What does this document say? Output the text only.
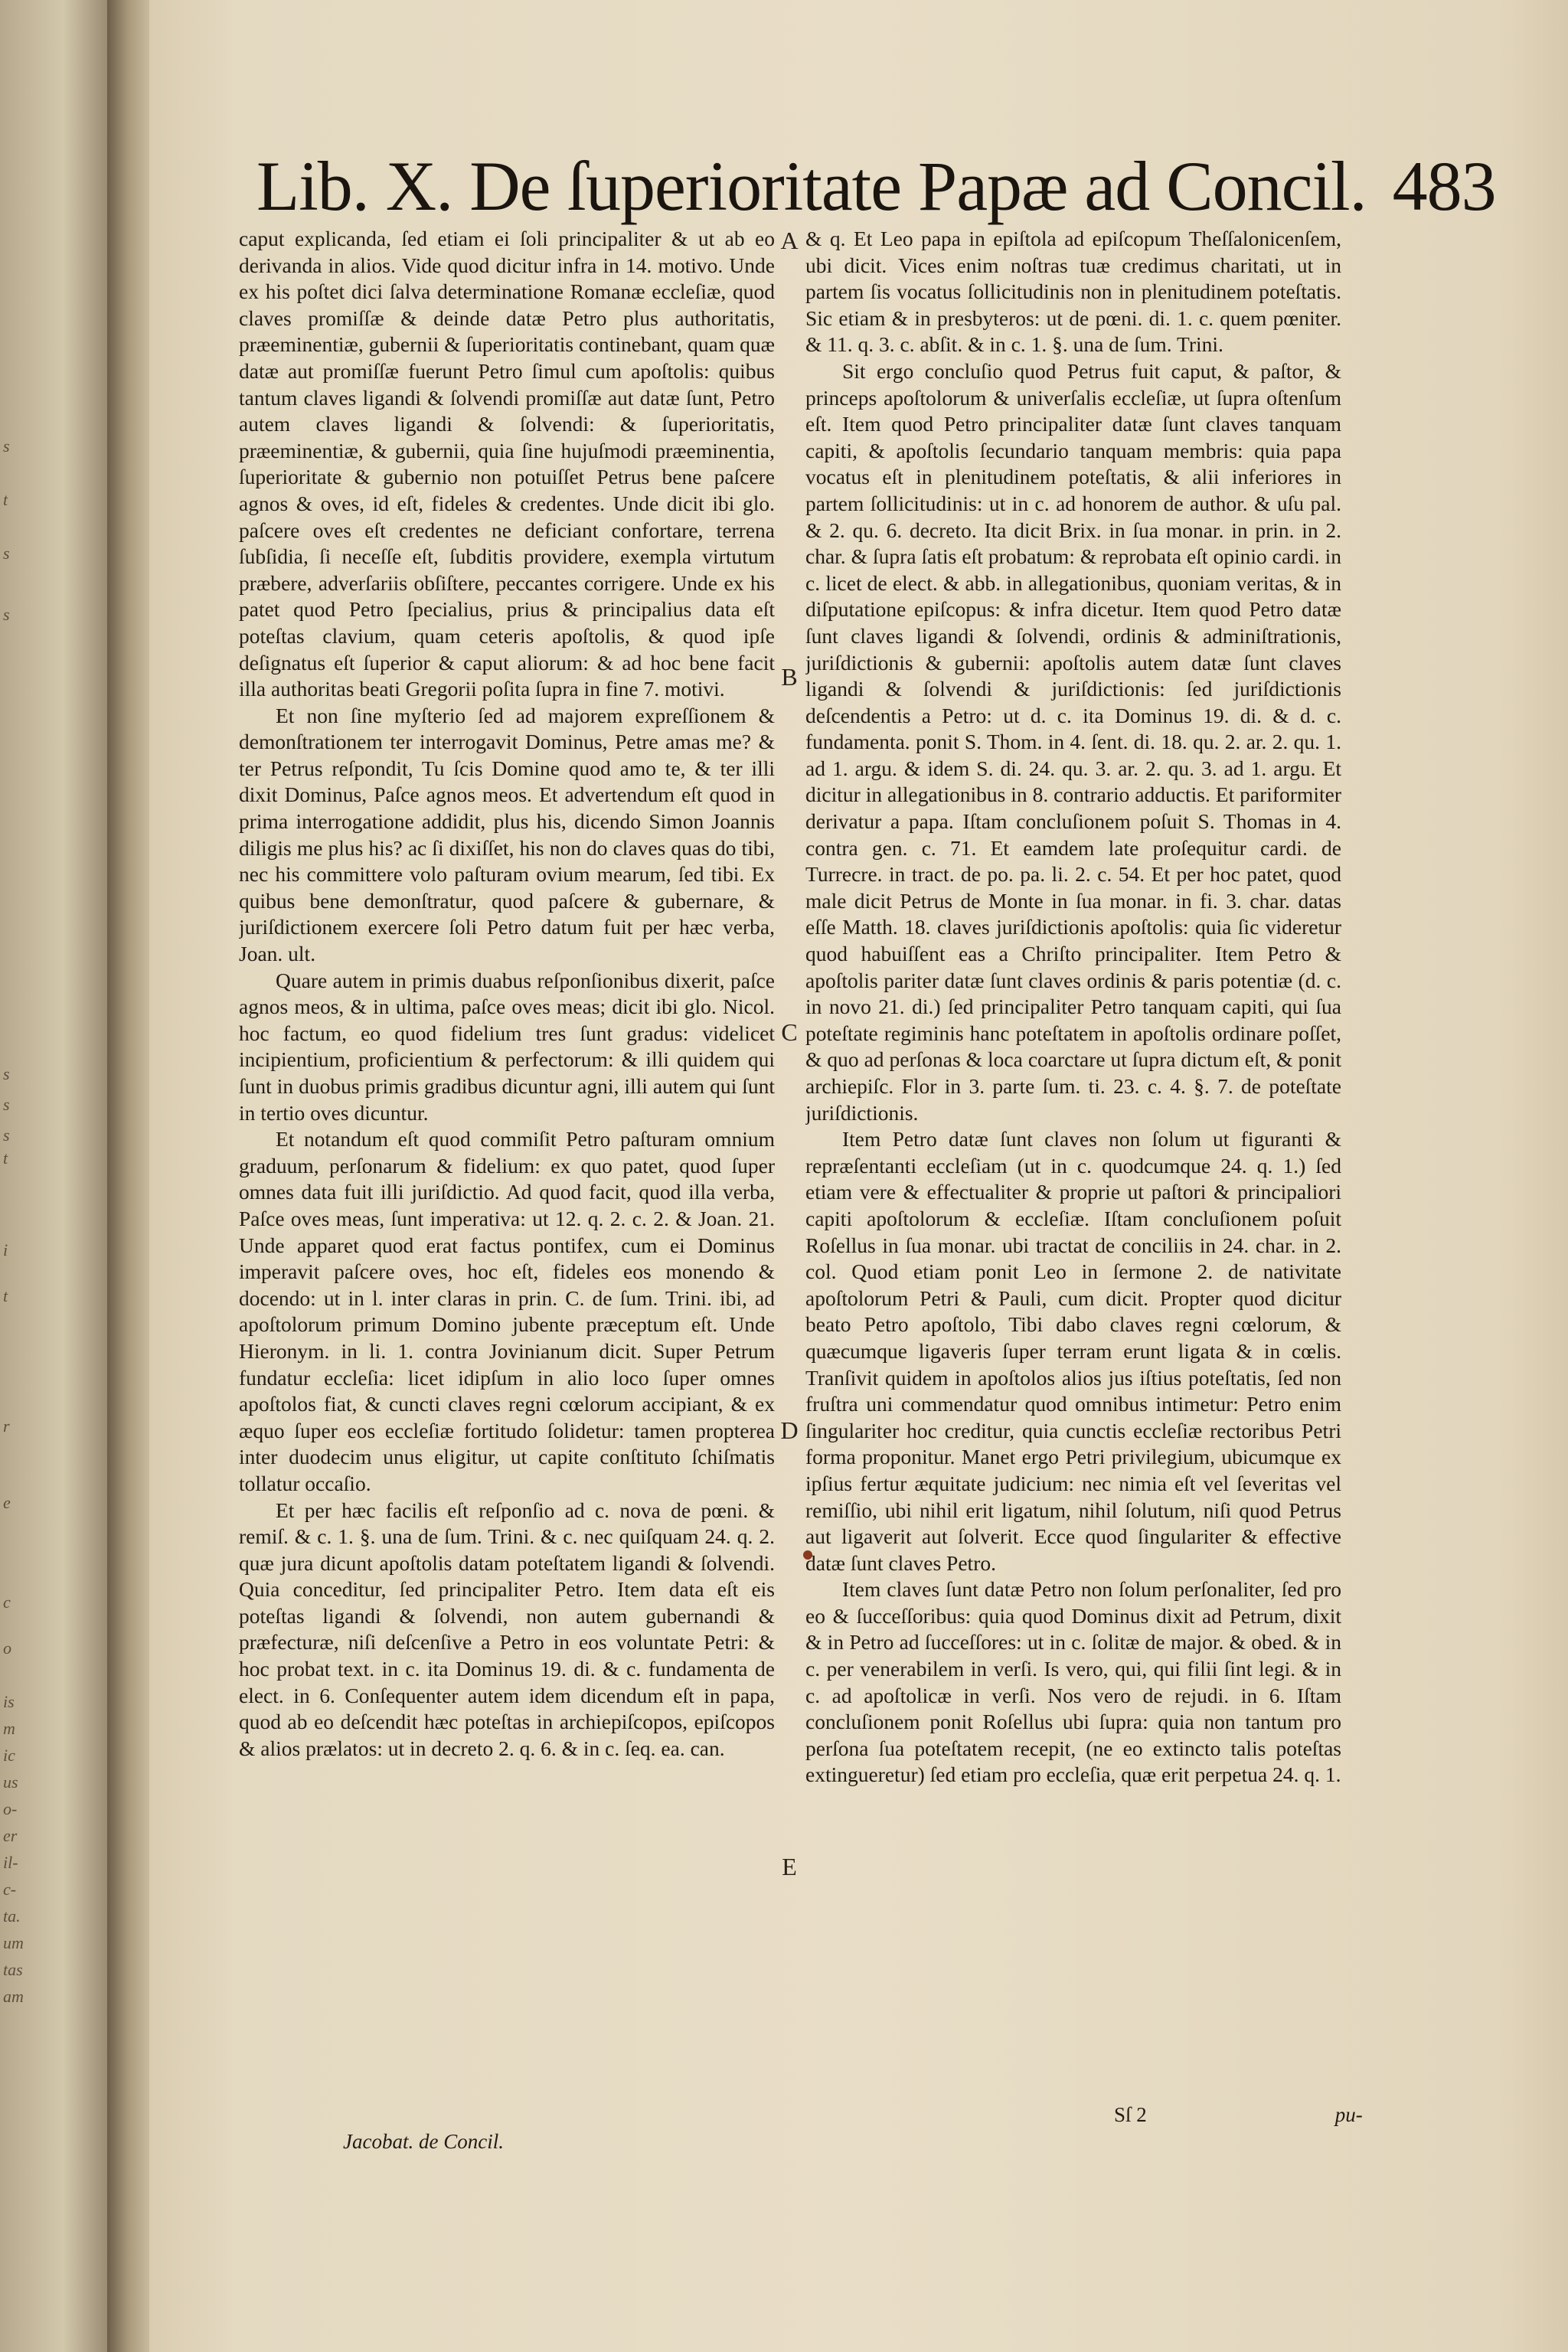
s
t
s
s
s
s
s
t
i
t
r
e
c
o
is
m
ic
us
o-
er
il-
c-
ta.
um
tas
am
Lib. X. De ſuperioritate Papæ ad Concil. 483

caput explicanda, ſed etiam ei ſoli principaliter & ut ab eo derivanda in alios. Vide quod dicitur infra in 14. motivo. Unde ex his poſtet dici ſalva determinatione Romanæ eccleſiæ, quod claves promiſſæ & deinde datæ Petro plus authoritatis, præeminentiæ, gubernii & ſuperioritatis continebant, quam quæ datæ aut promiſſæ fuerunt Petro ſimul cum apoſtolis: quibus tantum claves ligandi & ſolvendi promiſſæ aut datæ ſunt, Petro autem claves ligandi & ſolvendi: & ſuperioritatis, præeminentiæ, & gubernii, quia ſine hujuſmodi præeminentia, ſuperioritate & gubernio non potuiſſet Petrus bene paſcere agnos & oves, id eſt, fideles & credentes. Unde dicit ibi glo. paſcere oves eſt credentes ne deficiant confortare, terrena ſubſidia, ſi neceſſe eſt, ſubditis providere, exempla virtutum præbere, adverſariis obſiſtere, peccantes corrigere. Unde ex his patet quod Petro ſpecialius, prius & principalius data eſt poteſtas clavium, quam ceteris apoſtolis, & quod ipſe deſignatus eſt ſuperior & caput aliorum: & ad hoc bene facit illa authoritas beati Gregorii poſita ſupra in fine 7. motivi.

Et non ſine myſterio ſed ad majorem expreſſionem & demonſtrationem ter interrogavit Dominus, Petre amas me? & ter Petrus reſpondit, Tu ſcis Domine quod amo te, & ter illi dixit Dominus, Paſce agnos meos. Et advertendum eſt quod in prima interrogatione addidit, plus his, dicendo Simon Joannis diligis me plus his? ac ſi dixiſſet, his non do claves quas do tibi, nec his committere volo paſturam ovium mearum, ſed tibi. Ex quibus bene demonſtratur, quod paſcere & gubernare, & juriſdictionem exercere ſoli Petro datum fuit per hæc verba, Joan. ult.

Quare autem in primis duabus reſponſionibus dixerit, paſce agnos meos, & in ultima, paſce oves meas; dicit ibi glo. Nicol. hoc factum, eo quod fidelium tres ſunt gradus: videlicet incipientium, proficientium & perfectorum: & illi quidem qui ſunt in duobus primis gradibus dicuntur agni, illi autem qui ſunt in tertio oves dicuntur.

Et notandum eſt quod commiſit Petro paſturam omnium graduum, perſonarum & fidelium: ex quo patet, quod ſuper omnes data fuit illi juriſdictio. Ad quod facit, quod illa verba, Paſce oves meas, ſunt imperativa: ut 12. q. 2. c. 2. & Joan. 21. Unde apparet quod erat factus pontifex, cum ei Dominus imperavit paſcere oves, hoc eſt, fideles eos monendo & docendo: ut in l. inter claras in prin. C. de ſum. Trini. ibi, ad apoſtolorum primum Domino jubente præceptum eſt. Unde Hieronym. in li. 1. contra Jovinianum dicit. Super Petrum fundatur eccleſia: licet idipſum in alio loco ſuper omnes apoſtolos fiat, & cuncti claves regni cœlorum accipiant, & ex æquo ſuper eos eccleſiæ fortitudo ſolidetur: tamen propterea inter duodecim unus eligitur, ut capite conſtituto ſchiſmatis tollatur occaſio.

Et per hæc facilis eſt reſponſio ad c. nova de pœni. & remiſ. & c. 1. §. una de ſum. Trini. & c. nec quiſquam 24. q. 2. quæ jura dicunt apoſtolis datam poteſtatem ligandi & ſolvendi. Quia conceditur, ſed principaliter Petro. Item data eſt eis poteſtas ligandi & ſolvendi, non autem gubernandi & præfecturæ, niſi deſcenſive a Petro in eos voluntate Petri: & hoc probat text. in c. ita Dominus 19. di. & c. fundamenta de elect. in 6. Conſequenter autem idem dicendum eſt in papa, quod ab eo deſcendit hæc poteſtas in archiepiſcopos, epiſcopos & alios prælatos: ut in decreto 2. q. 6. & in c. ſeq. ea. can.

Jacobat. de Concil.
A
B
C
D
E

& q. Et Leo papa in epiſtola ad epiſcopum Theſſalonicenſem, ubi dicit. Vices enim noſtras tuæ credimus charitati, ut in partem ſis vocatus ſollicitudinis non in plenitudinem poteſtatis. Sic etiam & in presbyteros: ut de pœni. di. 1. c. quem pœniter. & 11. q. 3. c. abſit. & in c. 1. §. una de ſum. Trini.

Sit ergo concluſio quod Petrus fuit caput, & paſtor, & princeps apoſtolorum & univerſalis eccleſiæ, ut ſupra oſtenſum eſt. Item quod Petro principaliter datæ ſunt claves tanquam capiti, & apoſtolis ſecundario tanquam membris: quia papa vocatus eſt in plenitudinem poteſtatis, & alii inferiores in partem ſollicitudinis: ut in c. ad honorem de author. & uſu pal. & 2. qu. 6. decreto. Ita dicit Brix. in ſua monar. in prin. in 2. char. & ſupra ſatis eſt probatum: & reprobata eſt opinio cardi. in c. licet de elect. & abb. in allegationibus, quoniam veritas, & in diſputatione epiſcopus: & infra dicetur. Item quod Petro datæ ſunt claves ligandi & ſolvendi, ordinis & adminiſtrationis, juriſdictionis & gubernii: apoſtolis autem datæ ſunt claves ligandi & ſolvendi & juriſdictionis: ſed juriſdictionis deſcendentis a Petro: ut d. c. ita Dominus 19. di. & d. c. fundamenta. ponit S. Thom. in 4. ſent. di. 18. qu. 2. ar. 2. qu. 1. ad 1. argu. & idem S. di. 24. qu. 3. ar. 2. qu. 3. ad 1. argu. Et dicitur in allegationibus in 8. contrario adductis. Et pariformiter derivatur a papa. Iſtam concluſionem poſuit S. Thomas in 4. contra gen. c. 71. Et eamdem late proſequitur cardi. de Turrecre. in tract. de po. pa. li. 2. c. 54. Et per hoc patet, quod male dicit Petrus de Monte in ſua monar. in fi. 3. char. datas eſſe Matth. 18. claves juriſdictionis apoſtolis: quia ſic videretur quod habuiſſent eas a Chriſto principaliter. Item Petro & apoſtolis pariter datæ ſunt claves ordinis & paris potentiæ (d. c. in novo 21. di.) ſed principaliter Petro tanquam capiti, qui ſua poteſtate regiminis hanc poteſtatem in apoſtolis ordinare poſſet, & quo ad perſonas & loca coarctare ut ſupra dictum eſt, & ponit archiepiſc. Flor in 3. parte ſum. ti. 23. c. 4. §. 7. de poteſtate juriſdictionis.

Item Petro datæ ſunt claves non ſolum ut figuranti & repræſentanti eccleſiam (ut in c. quodcumque 24. q. 1.) ſed etiam vere & effectualiter & proprie ut paſtori & principaliori capiti apoſtolorum & eccleſiæ. Iſtam concluſionem poſuit Roſellus in ſua monar. ubi tractat de conciliis in 24. char. in 2. col. Quod etiam ponit Leo in ſermone 2. de nativitate apoſtolorum Petri & Pauli, cum dicit. Propter quod dicitur beato Petro apoſtolo, Tibi dabo claves regni cœlorum, & quæcumque ligaveris ſuper terram erunt ligata & in cœlis. Tranſivit quidem in apoſtolos alios jus iſtius poteſtatis, ſed non fruſtra uni commendatur quod omnibus intimetur: Petro enim ſingulariter hoc creditur, quia cunctis eccleſiæ rectoribus Petri forma proponitur. Manet ergo Petri privilegium, ubicumque ex ipſius fertur æquitate judicium: nec nimia eſt vel ſeveritas vel remiſſio, ubi nihil erit ligatum, nihil ſolutum, niſi quod Petrus aut ligaverit aut ſolverit. Ecce quod ſingulariter & effective datæ ſunt claves Petro.

Item claves ſunt datæ Petro non ſolum perſonaliter, ſed pro eo & ſucceſſoribus: quia quod Dominus dixit ad Petrum, dixit & in Petro ad ſucceſſores: ut in c. ſolitæ de major. & obed. & in c. per venerabilem in verſi. Is vero, qui, qui filii ſint legi. & in c. ad apoſtolicæ in verſi. Nos vero de rejudi. in 6. Iſtam concluſionem ponit Roſellus ubi ſupra: quia non tantum pro perſona ſua poteſtatem recepit, (ne eo extincto talis poteſtas extingueretur) ſed etiam pro eccleſia, quæ erit perpetua 24. q. 1.

Sſ 2	pu-
